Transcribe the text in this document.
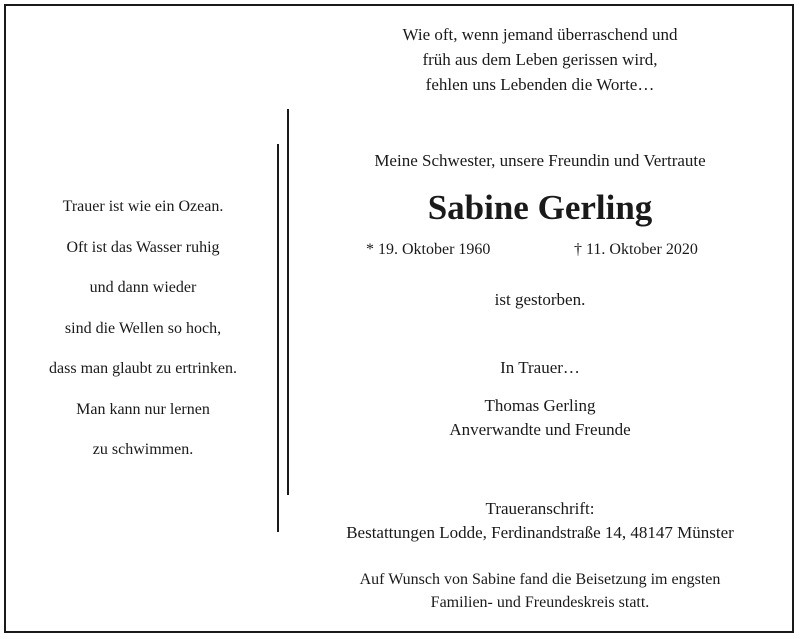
Wie oft, wenn jemand überraschend und
früh aus dem Leben gerissen wird,
fehlen uns Lebenden die Worte…
Trauer ist wie ein Ozean.
Oft ist das Wasser ruhig
und dann wieder
sind die Wellen so hoch,
dass man glaubt zu ertrinken.
Man kann nur lernen
zu schwimmen.
Meine Schwester, unsere Freundin und Vertraute
Sabine Gerling
* 19. Oktober 1960	† 11. Oktober 2020
ist gestorben.
In Trauer…
Thomas Gerling
Anverwandte und Freunde
Traueranschrift:
Bestattungen Lodde, Ferdinandstraße 14, 48147 Münster
Auf Wunsch von Sabine fand die Beisetzung im engsten
Familien- und Freundeskreis statt.
